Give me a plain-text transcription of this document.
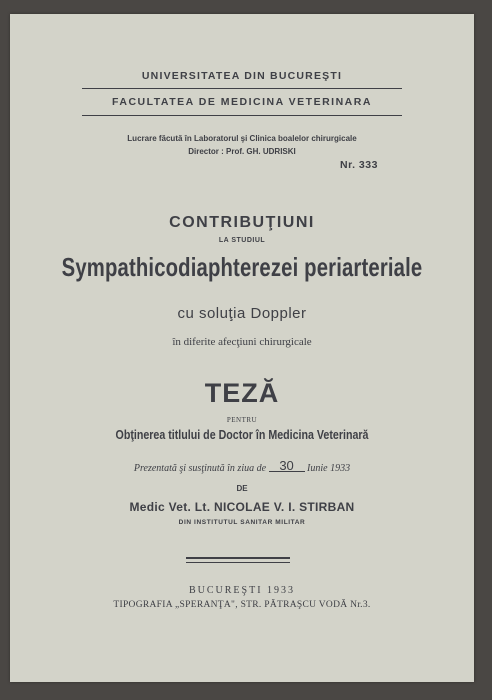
UNIVERSITATEA DIN BUCUREŞTI
FACULTATEA DE MEDICINA VETERINARA
Lucrare făcută în Laboratorul şi Clinica boalelor chirurgicale
Director : Prof. GH. UDRISKI
Nr. 333
CONTRIBUŢIUNI
LA STUDIUL
Sympathicodiaphterezei periarteriale
cu soluţia Doppler
în diferite afecţiuni chirurgicale
TEZĂ
PENTRU
Obţinerea titlului de Doctor în Medicina Veterinară
Prezentată şi susţinută în ziua de 30 Iunie 1933
DE
Medic Vet. Lt. NICOLAE V. I. STIRBAN
DIN INSTITUTUL SANITAR MILITAR
BUCUREŞTI 1933
TIPOGRAFIA „SPERANŢA", STR. PĂTRAŞCU VODĂ Nr.3.
